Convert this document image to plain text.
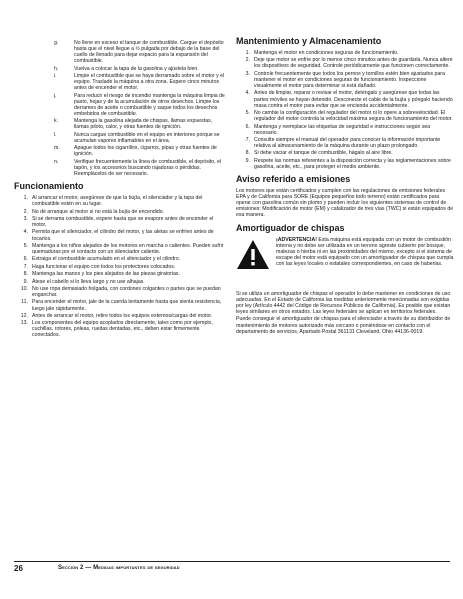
g.	No llene en exceso el tanque de combustible. Cargue el depósito hasta que el nivel llegue a ½ pulgada por debajo de la base del cuello de llenado para dejar espacio para la expansión del combustible.
h.	Vuelva a colocar la tapa de la gasolina y ajústela bien.
i.	Limpie el combustible que se haya derramado sobre el motor y el equipo. Traslade la máquina a otra zona. Espere cinco minutos antes de encender el motor.
j.	Para reducir el riesgo de incendio mantenga la máquina limpia de pasto, hojas y de la acumulación de otros desechos. Limpie los derrames de aceite o combustible y saque todos los desechos embebidos de combustible.
k.	Mantenga la gasolina alejada de chispas, llamas expuestas, llamas piloto, calor, y otras fuentes de ignición.
l.	Nunca cargue combustible en el equipo en interiores porque se acumulan vapores inflamables en el área.
m.	Apague todos los cigarrillos, cigarros, pipas y otras fuentes de ignición.
n.	Verifique frecuentemente la línea de combustible, el depósito, el tapón, y los accesorios buscando rajaduras o pérdidas. Reemplácelos de ser necesario.
Funcionamiento
1. Al arrancar el motor, asegúrese de que la bujía, el silenciador y la tapa del combustible estén en su lugar.
2. No dé arranque al motor si no está la bujía de encendido.
3. Si se derrama combustible, espere hasta que se evapore antes de encender el motor.
4. Permita que el silenciador, el cilindro del motor, y las aletas se enfríen antes de tocarlos.
5. Mantenga a los niños alejados de los motores en marcha o calientes. Pueden sufrir quemaduras por el contacto con un silenciador caliente.
6. Extraiga el combustible acumulado en el silenciador y el cilindro.
7. Haga funcionar el equipo con todos los protectores colocados.
8. Mantenga las manos y los pies alejados de las piezas giratorias.
9. Átese el cabello si lo lleva largo y no use alhajas.
10. No use ropa demasiado holgada, con cordones colgantes o partes que se puedan enganchar.
11. Para encender el motor, jale de la cuerda lentamente hasta que sienta resistencia, luego jale rápidamente.
12. Antes de arrancar el motor, retire todos los equipos externos/cargas del motor.
13. Los componentes del equipo acoplados directamente, tales como por ejemplo, cuchillas, rotores, poleas, ruedas dentadas, etc., deben estar firmemente conectados.
Mantenimiento y Almacenamiento
1. Mantenga el motor en condiciones seguras de funcionamiento.
2. Deje que motor se enfríe por lo menos cinco minutos antes de guardarla. Nunca altere los dispositivos de seguridad. Controle periódicamente que funcionen correctamente.
3. Controle frecuentemente que todos los pernos y tornillos estén bien ajustados para mantener el motor en condiciones seguras de funcionamiento. Inspeccione visualmente el motor para determinar si está dañado.
4. Antes de limpiar, reparar o revisar el motor, deténgalo y asegúrese que todas las partes móviles se hayan detenido. Desconecte el cable de la bujía y póngalo haciendo masa contra el motor para evitar que se encienda accidentalmente.
5. No cambie la configuración del regulador del motor ni lo opere a sobrevelocidad. El regulador del motor controla la velocidad máxima segura de funcionamiento del motor.
6. Mantenga y reemplace las etiquetas de seguridad e instrucciones según sea necesario.
7. Consulte siempre el manual del operador para conocer la información importante relativa al almacenamiento de la máquina durante un plazo prolongado.
8. Si debe vaciar el tanque de combustible, hágalo al aire libre.
9. Respete las normas referentes a la disposición correcta y las reglamentaciones sobre gasolina, aceite, etc., para proteger el medio ambiente.
Aviso referido a emisiones

Los motores que están certificados y cumplen con las regulaciones de emisiones federales EPA y de California para SORE (Equipos pequeños todo terreno) están certificados para operar con gasolina común sin plomo y pueden incluir los siguientes sistemas de control de emisiones: Modificación de motor (EM) y catalizador de tres vías (TWC) si están equipados de esa manera.

Amortiguador de chispas

¡ADVERTENCIA! Esta máquina está equipada con un motor de combustión interna y no debe ser utilizada en un terreno agreste cubierto por bosque, malezas o hierba ni en las proximidades del mismo, excepto si el sistema de escape del motor está equipado con un amortiguador de chispas que cumpla con las leyes locales o estatales correspondientes, en caso de haberlas.

Si se utiliza un amortiguador de chispas el operador lo debe mantener en condiciones de uso adecuadas. En el Estado de California las medidas anteriormente mencionadas son exigidas por ley (Artículo 4442 del Código de Recursos Públicos de California). Es posible que existan leyes similares en otros estados. Las leyes federales se aplican en territorios federales.

Puede conseguir el amortiguador de chispas para el silenciador a través de su distribuidor de mantenimiento de motores autorizado más cercano o poniéndose en contacto con el departamento de servicios, Apartado Postal 361131 Cleveland, Ohio 44136-0019.

26	Sección 2 — Medidas importantes de seguridad
